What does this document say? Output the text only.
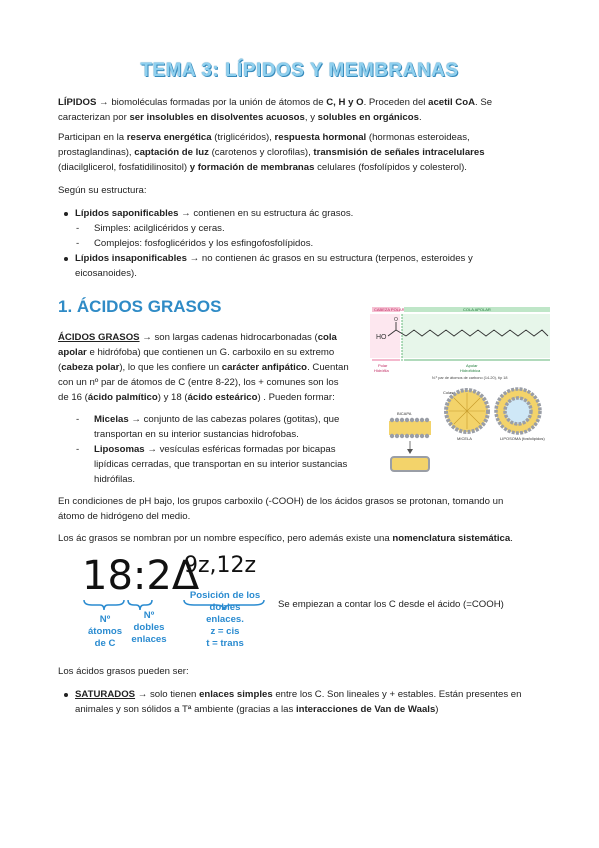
TEMA 3: LÍPIDOS Y MEMBRANAS
LÍPIDOS → biomoléculas formadas por la unión de átomos de C, H y O. Proceden del acetil CoA. Se
caracterizan por ser insolubles en disolventes acuosos, y solubles en orgánicos.
Participan en la reserva energética (triglicéridos), respuesta hormonal (hormonas esteroideas,
prostaglandinas), captación de luz (carotenos y clorofilas), transmisión de señales intracelulares
(diacilglicerol, fosfatidilinositol) y formación de membranas celulares (fosfolípidos y colesterol).
Según su estructura:
Lípidos saponificables → contienen en su estructura ác grasos.
- Simples: acilglicéridos y ceras.
- Complejos: fosfoglicéridos y los esfingofosfolípidos.
Lípidos insaponificables → no contienen ác grasos en su estructura (terpenos, esteroides y
eicosanoides).
1. ÁCIDOS GRASOS
ÁCIDOS GRASOS → son largas cadenas hidrocarbonadas (cola
apolar e hidrófoba) que contienen un G. carboxilo en su extremo
(cabeza polar), lo que les confiere un carácter anfipático. Cuentan
con un nº par de átomos de C (entre 8-22), los + comunes son los
de 16 (ácido palmítico) y 18 (ácido esteárico) . Pueden formar:
- Micelas → conjunto de las cabezas polares (gotitas), que
transportan en su interior sustancias hidrofobas.
- Liposomas → vesículas esféricas formadas por bicapas
lipídicas cerradas, que transportan en su interior sustancias
hidrófilas.
CABEZA POLAR	COLA APOLAR
HO
O
Polar
Hidrófila
Apolar
Hidrofóbica
N.º par de átomos de carbono (14-20), típ 18
BICAPA
Colas
MICELA	LIPOSOMA (fosfolípidos)
En condiciones de pH bajo, los grupos carboxilo (-COOH) de los ácidos grasos se protonan, tomando un
átomo de hidrógeno del medio.
Los ác grasos se nombran por un nombre específico, pero además existe una nomenclatura sistemática.
18:2Δ
9z,12z
Nº
átomos
de C
Nº
dobles
enlaces
Posición de los
dobles
enlaces.
z = cis
t = trans
Se empiezan a contar los C desde el ácido (=COOH)
Los ácidos grasos pueden ser:
SATURADOS → solo tienen enlaces simples entre los C. Son lineales y + estables. Están presentes en
animales y son sólidos a Tª ambiente (gracias a las interacciones de Van de Waals)
